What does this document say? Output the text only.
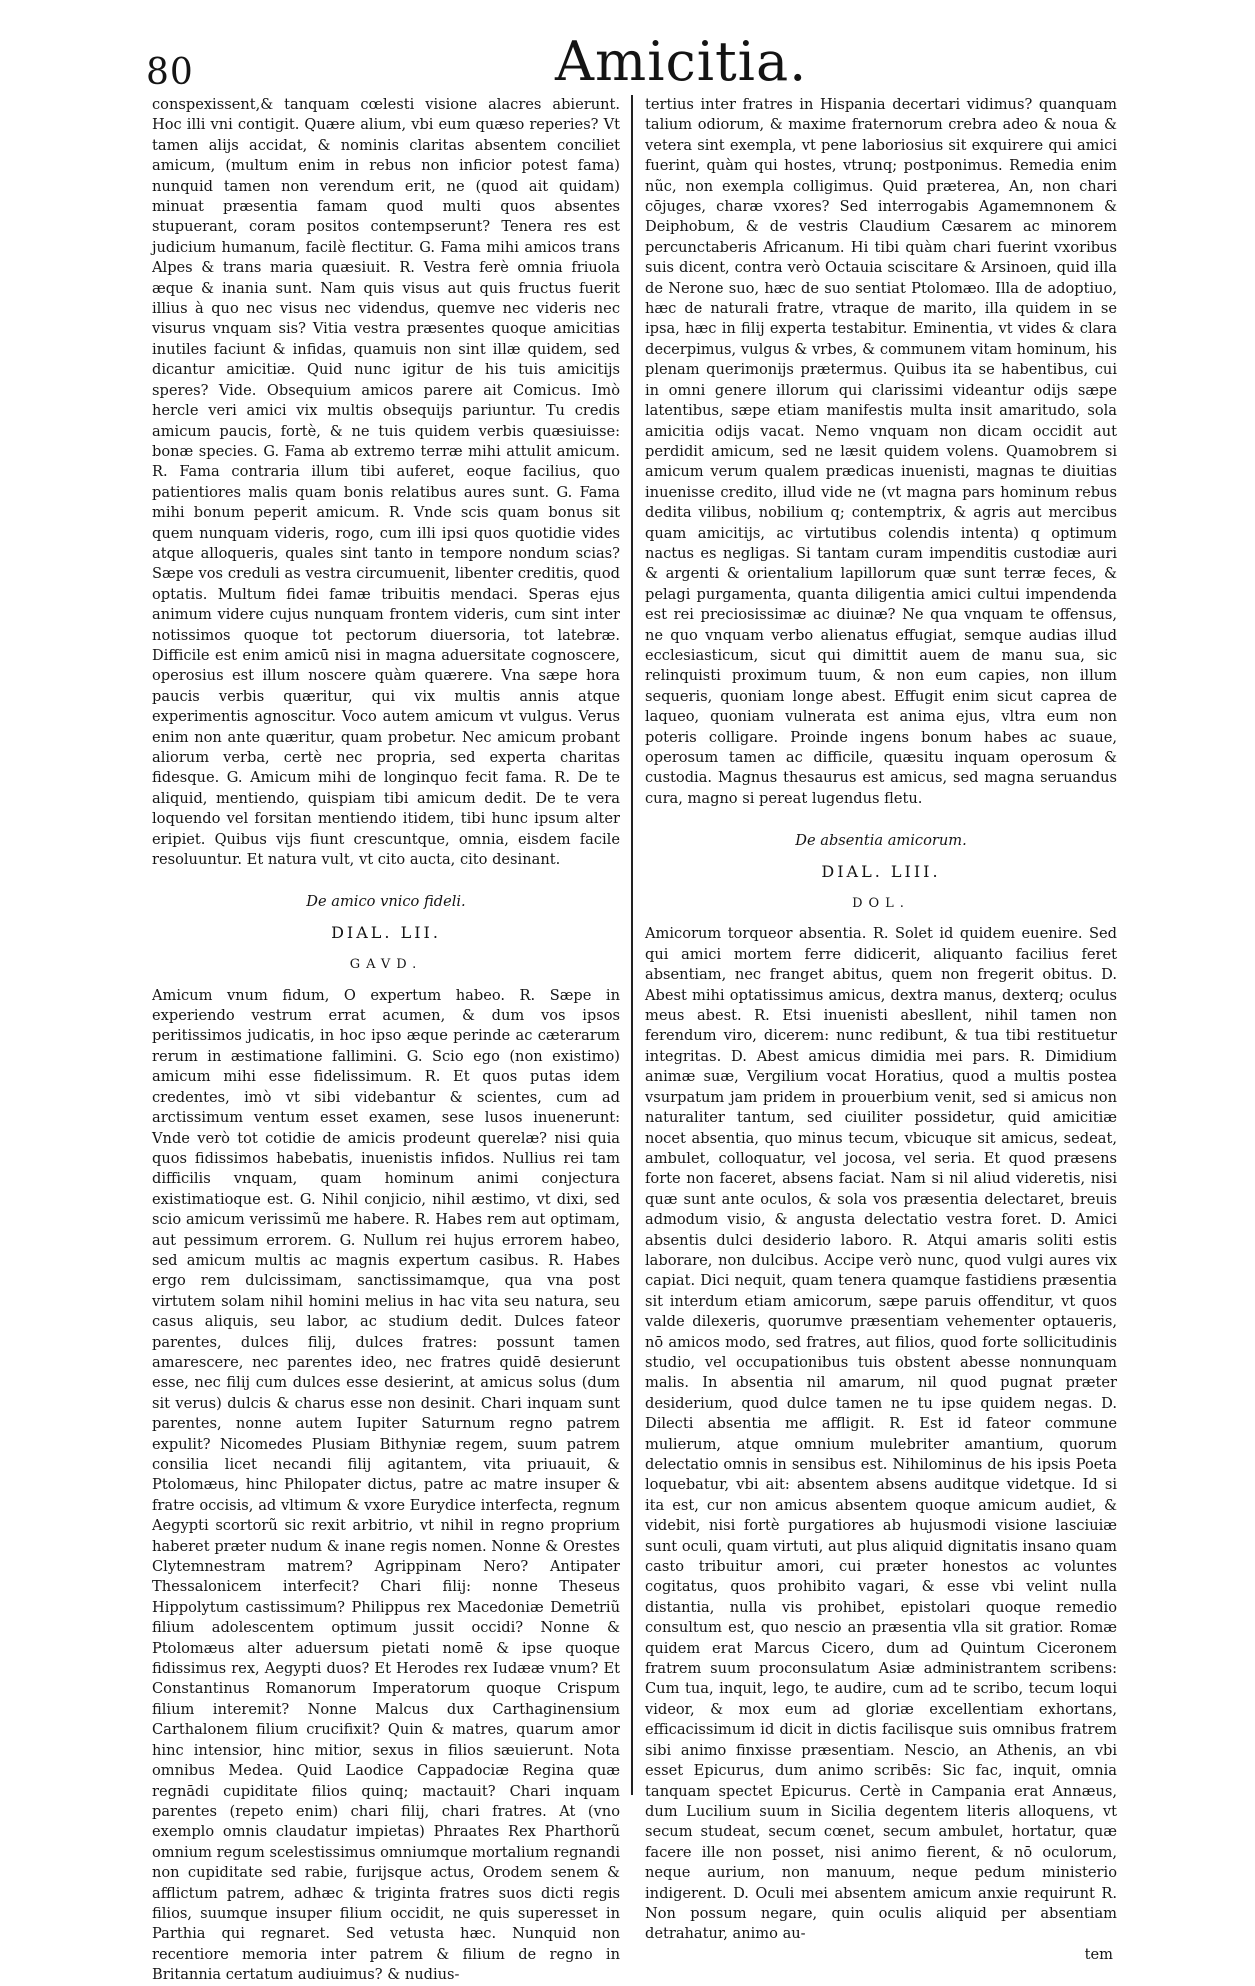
80	Amicitia.

conspexissent,& tanquam cœlesti visione alacres abierunt. Hoc illi vni contigit. Quære alium, vbi eum quæso reperies? Vt tamen alijs accidat, & nominis claritas absentem conciliet amicum, (multum enim in rebus non inficior potest fama) nunquid tamen non verendum erit, ne (quod ait quidam) minuat præsentia famam quod multi quos absentes stupuerant, coram positos contempserunt? Tenera res est judicium humanum, facilè flectitur. G. Fama mihi amicos trans Alpes & trans maria quæsiuit. R. Vestra ferè omnia friuola æque & inania sunt. Nam quis visus aut quis fructus fuerit illius à quo nec visus nec videndus, quemve nec videris nec visurus vnquam sis? Vitia vestra præsentes quoque amicitias inutiles faciunt & infidas, quamuis non sint illæ quidem, sed dicantur amicitiæ. Quid nunc igitur de his tuis amicitijs speres? Vide. Obsequium amicos parere ait Comicus. Imò hercle veri amici vix multis obsequijs pariuntur. Tu credis amicum paucis, fortè, & ne tuis quidem verbis quæsiuisse: bonæ species. G. Fama ab extremo terræ mihi attulit amicum. R. Fama contraria illum tibi auferet, eoque facilius, quo patientiores malis quam bonis relatibus aures sunt. G. Fama mihi bonum peperit amicum. R. Vnde scis quam bonus sit quem nunquam videris, rogo, cum illi ipsi quos quotidie vides atque alloqueris, quales sint tanto in tempore nondum scias? Sæpe vos creduli as vestra circumuenit, libenter creditis, quod optatis. Multum fidei famæ tribuitis mendaci. Speras ejus animum videre cujus nunquam frontem videris, cum sint inter notissimos quoque tot pectorum diuersoria, tot latebræ. Difficile est enim amicū nisi in magna aduersitate cognoscere, operosius est illum noscere quàm quærere. Vna sæpe hora paucis verbis quæritur, qui vix multis annis atque experimentis agnoscitur. Voco autem amicum vt vulgus. Verus enim non ante quæritur, quam probetur. Nec amicum probant aliorum verba, certè nec propria, sed experta charitas fidesque. G. Amicum mihi de longinquo fecit fama. R. De te aliquid, mentiendo, quispiam tibi amicum dedit. De te vera loquendo vel forsitan mentiendo itidem, tibi hunc ipsum alter eripiet. Quibus vijs fiunt crescuntque, omnia, eisdem facile resoluuntur. Et natura vult, vt cito aucta, cito desinant.

De amico vnico fideli.
DIAL. LII.
GAVD.

Amicum vnum fidum, O expertum habeo. R. Sæpe in experiendo vestrum errat acumen, & dum vos ipsos peritissimos judicatis, in hoc ipso æque perinde ac cæterarum rerum in æstimatione fallimini. G. Scio ego (non existimo) amicum mihi esse fidelissimum. R. Et quos putas idem credentes, imò vt sibi videbantur & scientes, cum ad arctissimum ventum esset examen, sese lusos inuenerunt: Vnde verò tot cotidie de amicis prodeunt querelæ? nisi quia quos fidissimos habebatis, inuenistis infidos. Nullius rei tam difficilis vnquam, quam hominum animi conjectura existimatioque est. G. Nihil conjicio, nihil æstimo, vt dixi, sed scio amicum verissimũ me habere. R. Habes rem aut optimam, aut pessimum errorem. G. Nullum rei hujus errorem habeo, sed amicum multis ac magnis expertum casibus. R. Habes ergo rem dulcissimam, sanctissimamque, qua vna post virtutem solam nihil homini melius in hac vita seu natura, seu casus aliquis, seu labor, ac studium dedit. Dulces fateor parentes, dulces filij, dulces fratres: possunt tamen amarescere, nec parentes ideo, nec fratres quidē desierunt esse, nec filij cum dulces esse desierint, at amicus solus (dum sit verus) dulcis & charus esse non desinit. Chari inquam sunt parentes, nonne autem Iupiter Saturnum regno patrem expulit? Nicomedes Plusiam Bithyniæ regem, suum patrem consilia licet necandi filij agitantem, vita priuauit, & Ptolomæus, hinc Philopater dictus, patre ac matre insuper & fratre occisis, ad vltimum & vxore Eurydice interfecta, regnum Aegypti scortorũ sic rexit arbitrio, vt nihil in regno proprium haberet præter nudum & inane regis nomen. Nonne & Orestes Clytemnestram matrem? Agrippinam Nero? Antipater Thessalonicem interfecit? Chari filij: nonne Theseus Hippolytum castissimum? Philippus rex Macedoniæ Demetriũ filium adolescentem optimum jussit occidi? Nonne & Ptolomæus alter aduersum pietati nomē & ipse quoque fidissimus rex, Aegypti duos? Et Herodes rex Iudææ vnum? Et Constantinus Romanorum Imperatorum quoque Crispum filium interemit? Nonne Malcus dux Carthaginensium Carthalonem filium crucifixit? Quin & matres, quarum amor hinc intensior, hinc mitior, sexus in filios sæuierunt. Nota omnibus Medea. Quid Laodice Cappadociæ Regina quæ regnādi cupiditate filios quinq; mactauit? Chari inquam parentes (repeto enim) chari filij, chari fratres. At (vno exemplo omnis claudatur impietas) Phraates Rex Pharthorũ omnium regum scelestissimus omniumque mortalium regnandi non cupiditate sed rabie, furijsque actus, Orodem senem & afflictum patrem, adhæc & triginta fratres suos dicti regis filios, suumque insuper filium occidit, ne quis superesset in Parthia qui regnaret. Sed vetusta hæc. Nunquid non recentiore memoria inter patrem & filium de regno in Britannia certatum audiuimus? & nudius-

tertius inter fratres in Hispania decertari vidimus? quanquam talium odiorum, & maxime fraternorum crebra adeo & noua & vetera sint exempla, vt pene laboriosius sit exquirere qui amici fuerint, quàm qui hostes, vtrunq; postponimus. Remedia enim nũc, non exempla colligimus. Quid præterea, An, non chari cōjuges, charæ vxores? Sed interrogabis Agamemnonem & Deiphobum, & de vestris Claudium Cæsarem ac minorem percunctaberis Africanum. Hi tibi quàm chari fuerint vxoribus suis dicent, contra verò Octauia sciscitare & Arsinoen, quid illa de Nerone suo, hæc de suo sentiat Ptolomæo. Illa de adoptiuo, hæc de naturali fratre, vtraque de marito, illa quidem in se ipsa, hæc in filij experta testabitur. Eminentia, vt vides & clara decerpimus, vulgus & vrbes, & communem vitam hominum, his plenam querimonijs prætermus. Quibus ita se habentibus, cui in omni genere illorum qui clarissimi videantur odijs sæpe latentibus, sæpe etiam manifestis multa insit amaritudo, sola amicitia odijs vacat. Nemo vnquam non dicam occidit aut perdidit amicum, sed ne læsit quidem volens. Quamobrem si amicum verum qualem prædicas inuenisti, magnas te diuitias inuenisse credito, illud vide ne (vt magna pars hominum rebus dedita vilibus, nobilium q; contemptrix, & agris aut mercibus quam amicitijs, ac virtutibus colendis intenta) q optimum nactus es negligas. Si tantam curam impenditis custodiæ auri & argenti & orientalium lapillorum quæ sunt terræ feces, & pelagi purgamenta, quanta diligentia amici cultui impendenda est rei preciosissimæ ac diuinæ? Ne qua vnquam te offensus, ne quo vnquam verbo alienatus effugiat, semque audias illud ecclesiasticum, sicut qui dimittit auem de manu sua, sic relinquisti proximum tuum, & non eum capies, non illum sequeris, quoniam longe abest. Effugit enim sicut caprea de laqueo, quoniam vulnerata est anima ejus, vltra eum non poteris colligare. Proinde ingens bonum habes ac suaue, operosum tamen ac difficile, quæsitu inquam operosum & custodia. Magnus thesaurus est amicus, sed magna seruandus cura, magno si pereat lugendus fletu.

De absentia amicorum.
DIAL. LIII.
DOL.

Amicorum torqueor absentia. R. Solet id quidem euenire. Sed qui amici mortem ferre didicerit, aliquanto facilius feret absentiam, nec franget abitus, quem non fregerit obitus. D. Abest mihi optatissimus amicus, dextra manus, dexterq; oculus meus abest. R. Etsi inuenisti abesllent, nihil tamen non ferendum viro, dicerem: nunc redibunt, & tua tibi restituetur integritas. D. Abest amicus dimidia mei pars. R. Dimidium animæ suæ, Vergilium vocat Horatius, quod a multis postea vsurpatum jam pridem in prouerbium venit, sed si amicus non naturaliter tantum, sed ciuiliter possidetur, quid amicitiæ nocet absentia, quo minus tecum, vbicuque sit amicus, sedeat, ambulet, colloquatur, vel jocosa, vel seria. Et quod præsens forte non faceret, absens faciat. Nam si nil aliud videretis, nisi quæ sunt ante oculos, & sola vos præsentia delectaret, breuis admodum visio, & angusta delectatio vestra foret. D. Amici absentis dulci desiderio laboro. R. Atqui amaris soliti estis laborare, non dulcibus. Accipe verò nunc, quod vulgi aures vix capiat. Dici nequit, quam tenera quamque fastidiens præsentia sit interdum etiam amicorum, sæpe paruis offenditur, vt quos valde dilexeris, quorumve præsentiam vehementer optaueris, nō amicos modo, sed fratres, aut filios, quod forte sollicitudinis studio, vel occupationibus tuis obstent abesse nonnunquam malis. In absentia nil amarum, nil quod pugnat præter desiderium, quod dulce tamen ne tu ipse quidem negas. D. Dilecti absentia me affligit. R. Est id fateor commune mulierum, atque omnium mulebriter amantium, quorum delectatio omnis in sensibus est. Nihilominus de his ipsis Poeta loquebatur, vbi ait: absentem absens auditque videtque. Id si ita est, cur non amicus absentem quoque amicum audiet, & videbit, nisi fortè purgatiores ab hujusmodi visione lasciuiæ sunt oculi, quam virtuti, aut plus aliquid dignitatis insano quam casto tribuitur amori, cui præter honestos ac voluntes cogitatus, quos prohibito vagari, & esse vbi velint nulla distantia, nulla vis prohibet, epistolari quoque remedio consultum est, quo nescio an præsentia vlla sit gratior. Romæ quidem erat Marcus Cicero, dum ad Quintum Ciceronem fratrem suum proconsulatum Asiæ administrantem scribens: Cum tua, inquit, lego, te audire, cum ad te scribo, tecum loqui videor, & mox eum ad gloriæ excellentiam exhortans, efficacissimum id dicit in dictis facilisque suis omnibus fratrem sibi animo finxisse præsentiam. Nescio, an Athenis, an vbi esset Epicurus, dum animo scribēs: Sic fac, inquit, omnia tanquam spectet Epicurus. Certè in Campania erat Annæus, dum Lucilium suum in Sicilia degentem literis alloquens, vt secum studeat, secum cœnet, secum ambulet, hortatur, quæ facere ille non posset, nisi animo fierent, & nō oculorum, neque aurium, non manuum, neque pedum ministerio indigerent. D. Oculi mei absentem amicum anxie requirunt R. Non possum negare, quin oculis aliquid per absentiam detrahatur, animo au-

tem
